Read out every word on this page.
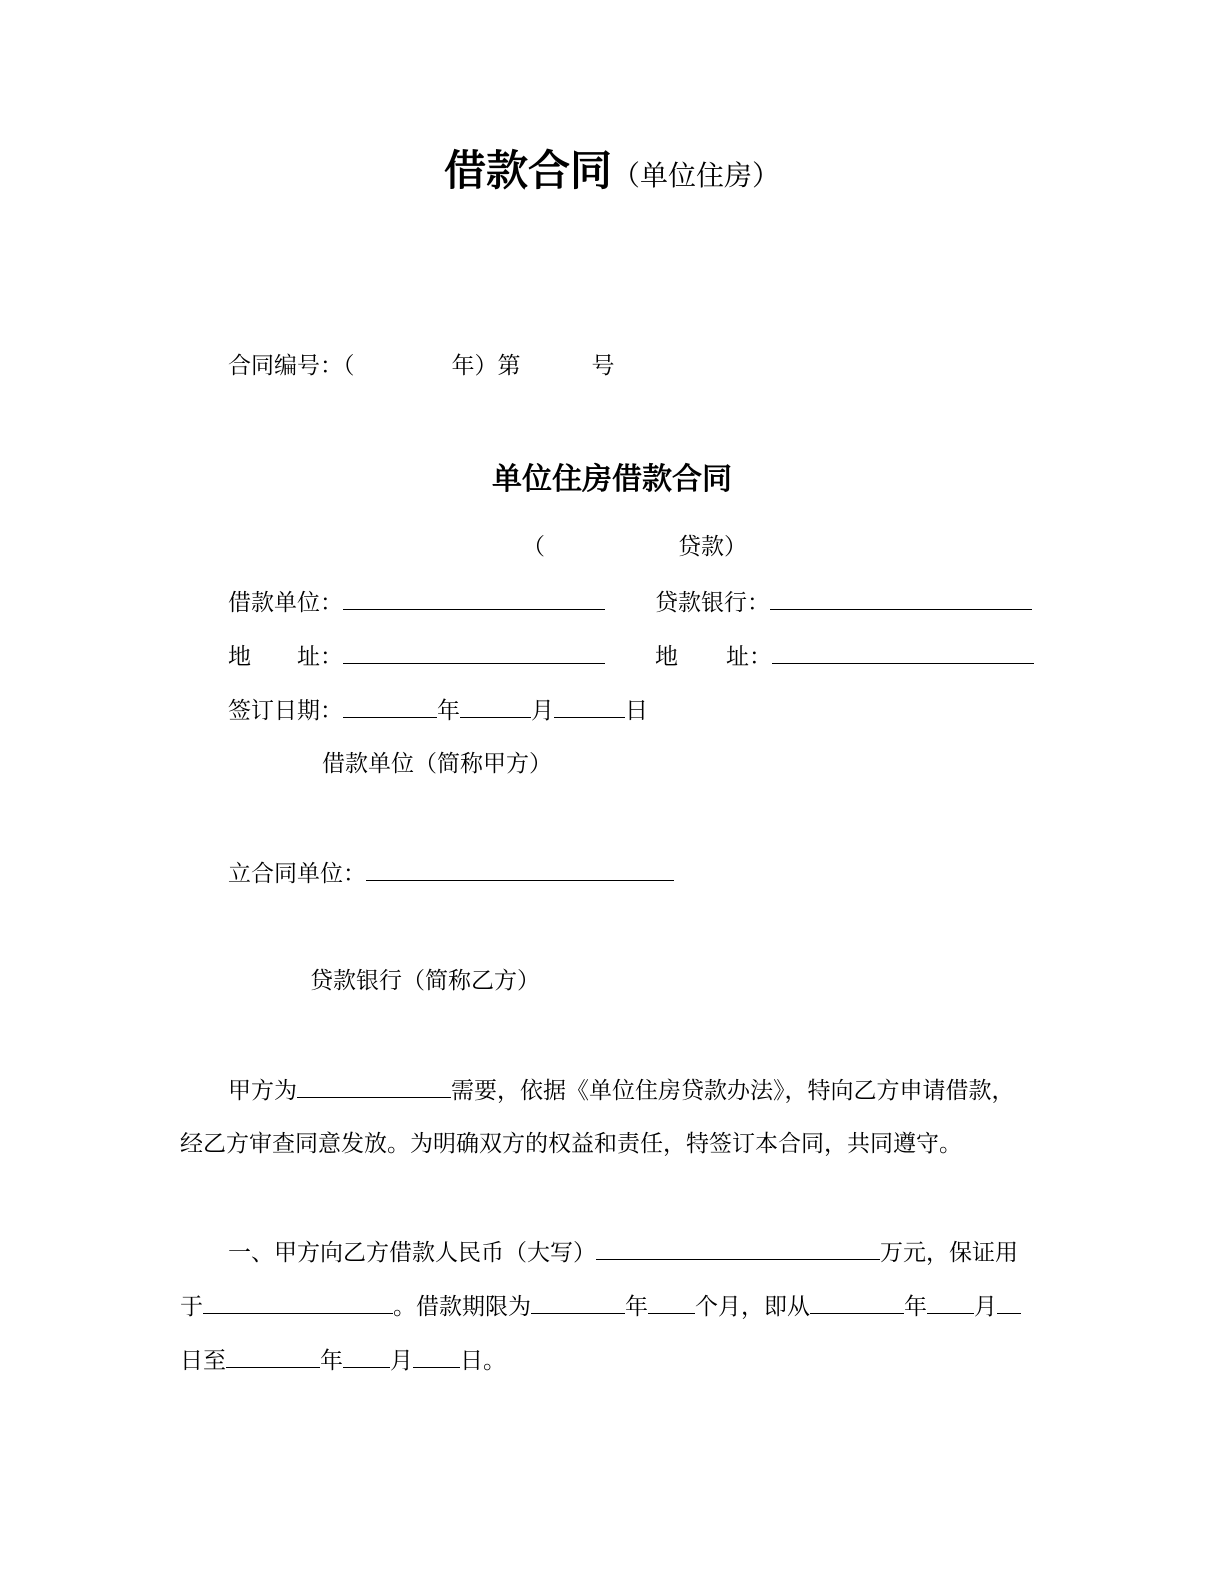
借款合同（单位住房）
合同编号：（	年）第	号
单位住房借款合同
（	贷款）
借款单位：	贷款银行：
地 址：	地 址：
签订日期：	年	月	日
借款单位（简称甲方）
立合同单位：
贷款银行（简称乙方）
甲方为	需要，依据《单位住房贷款办法》，特向乙方申请借款，
经乙方审查同意发放。为明确双方的权益和责任，特签订本合同，共同遵守。
一、甲方向乙方借款人民币（大写）	万元，保证用
于	。借款期限为	年 个月，即从	年 月
日至	年 月 日。
